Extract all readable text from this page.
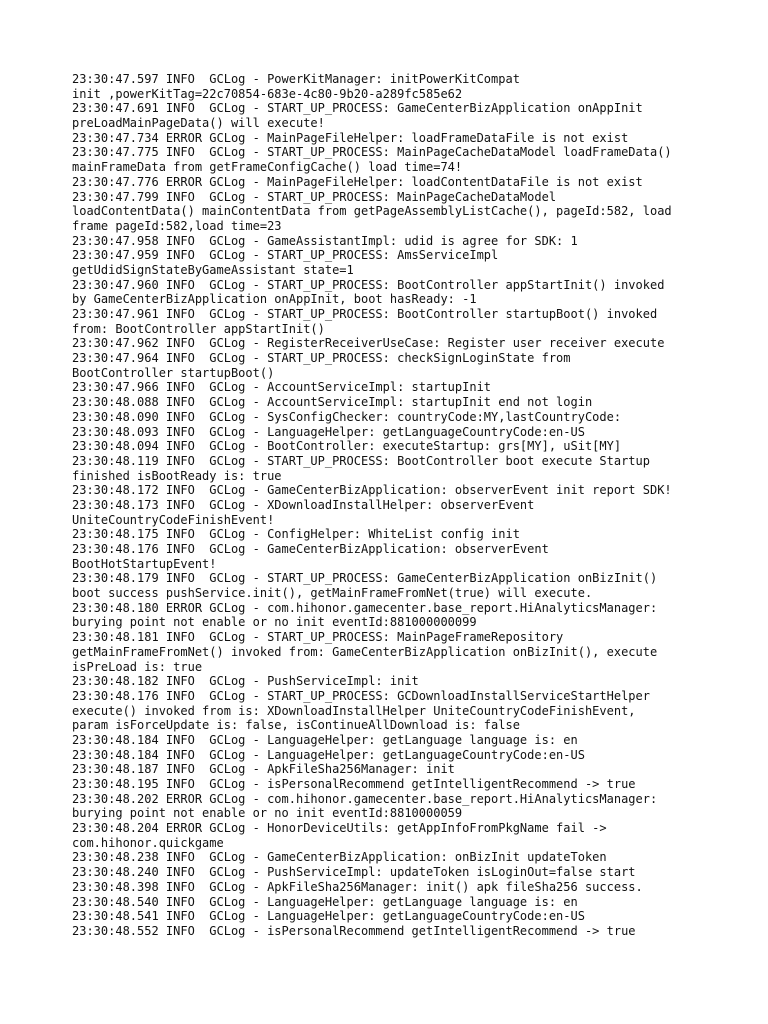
23:30:47.597 INFO  GCLog - PowerKitManager: initPowerKitCompat
init ,powerKitTag=22c70854-683e-4c80-9b20-a289fc585e62
23:30:47.691 INFO  GCLog - START_UP_PROCESS: GameCenterBizApplication onAppInit
preLoadMainPageData() will execute!
23:30:47.734 ERROR GCLog - MainPageFileHelper: loadFrameDataFile is not exist
23:30:47.775 INFO  GCLog - START_UP_PROCESS: MainPageCacheDataModel loadFrameData()
mainFrameData from getFrameConfigCache() load time=74!
23:30:47.776 ERROR GCLog - MainPageFileHelper: loadContentDataFile is not exist
23:30:47.799 INFO  GCLog - START_UP_PROCESS: MainPageCacheDataModel
loadContentData() mainContentData from getPageAssemblyListCache(), pageId:582, load
frame pageId:582,load time=23
23:30:47.958 INFO  GCLog - GameAssistantImpl: udid is agree for SDK: 1
23:30:47.959 INFO  GCLog - START_UP_PROCESS: AmsServiceImpl
getUdidSignStateByGameAssistant state=1
23:30:47.960 INFO  GCLog - START_UP_PROCESS: BootController appStartInit() invoked
by GameCenterBizApplication onAppInit, boot hasReady: -1
23:30:47.961 INFO  GCLog - START_UP_PROCESS: BootController startupBoot() invoked
from: BootController appStartInit()
23:30:47.962 INFO  GCLog - RegisterReceiverUseCase: Register user receiver execute
23:30:47.964 INFO  GCLog - START_UP_PROCESS: checkSignLoginState from
BootController startupBoot()
23:30:47.966 INFO  GCLog - AccountServiceImpl: startupInit
23:30:48.088 INFO  GCLog - AccountServiceImpl: startupInit end not login
23:30:48.090 INFO  GCLog - SysConfigChecker: countryCode:MY,lastCountryCode:
23:30:48.093 INFO  GCLog - LanguageHelper: getLanguageCountryCode:en-US
23:30:48.094 INFO  GCLog - BootController: executeStartup: grs[MY], uSit[MY]
23:30:48.119 INFO  GCLog - START_UP_PROCESS: BootController boot execute Startup
finished isBootReady is: true
23:30:48.172 INFO  GCLog - GameCenterBizApplication: observerEvent init report SDK!
23:30:48.173 INFO  GCLog - XDownloadInstallHelper: observerEvent
UniteCountryCodeFinishEvent!
23:30:48.175 INFO  GCLog - ConfigHelper: WhiteList config init
23:30:48.176 INFO  GCLog - GameCenterBizApplication: observerEvent
BootHotStartupEvent!
23:30:48.179 INFO  GCLog - START_UP_PROCESS: GameCenterBizApplication onBizInit()
boot success pushService.init(), getMainFrameFromNet(true) will execute.
23:30:48.180 ERROR GCLog - com.hihonor.gamecenter.base_report.HiAnalyticsManager:
burying point not enable or no init eventId:881000000099
23:30:48.181 INFO  GCLog - START_UP_PROCESS: MainPageFrameRepository
getMainFrameFromNet() invoked from: GameCenterBizApplication onBizInit(), execute
isPreLoad is: true
23:30:48.182 INFO  GCLog - PushServiceImpl: init
23:30:48.176 INFO  GCLog - START_UP_PROCESS: GCDownloadInstallServiceStartHelper
execute() invoked from is: XDownloadInstallHelper UniteCountryCodeFinishEvent,
param isForceUpdate is: false, isContinueAllDownload is: false
23:30:48.184 INFO  GCLog - LanguageHelper: getLanguage language is: en
23:30:48.184 INFO  GCLog - LanguageHelper: getLanguageCountryCode:en-US
23:30:48.187 INFO  GCLog - ApkFileSha256Manager: init
23:30:48.195 INFO  GCLog - isPersonalRecommend getIntelligentRecommend -> true
23:30:48.202 ERROR GCLog - com.hihonor.gamecenter.base_report.HiAnalyticsManager:
burying point not enable or no init eventId:8810000059
23:30:48.204 ERROR GCLog - HonorDeviceUtils: getAppInfoFromPkgName fail ->
com.hihonor.quickgame
23:30:48.238 INFO  GCLog - GameCenterBizApplication: onBizInit updateToken
23:30:48.240 INFO  GCLog - PushServiceImpl: updateToken isLoginOut=false start
23:30:48.398 INFO  GCLog - ApkFileSha256Manager: init() apk fileSha256 success.
23:30:48.540 INFO  GCLog - LanguageHelper: getLanguage language is: en
23:30:48.541 INFO  GCLog - LanguageHelper: getLanguageCountryCode:en-US
23:30:48.552 INFO  GCLog - isPersonalRecommend getIntelligentRecommend -> true
